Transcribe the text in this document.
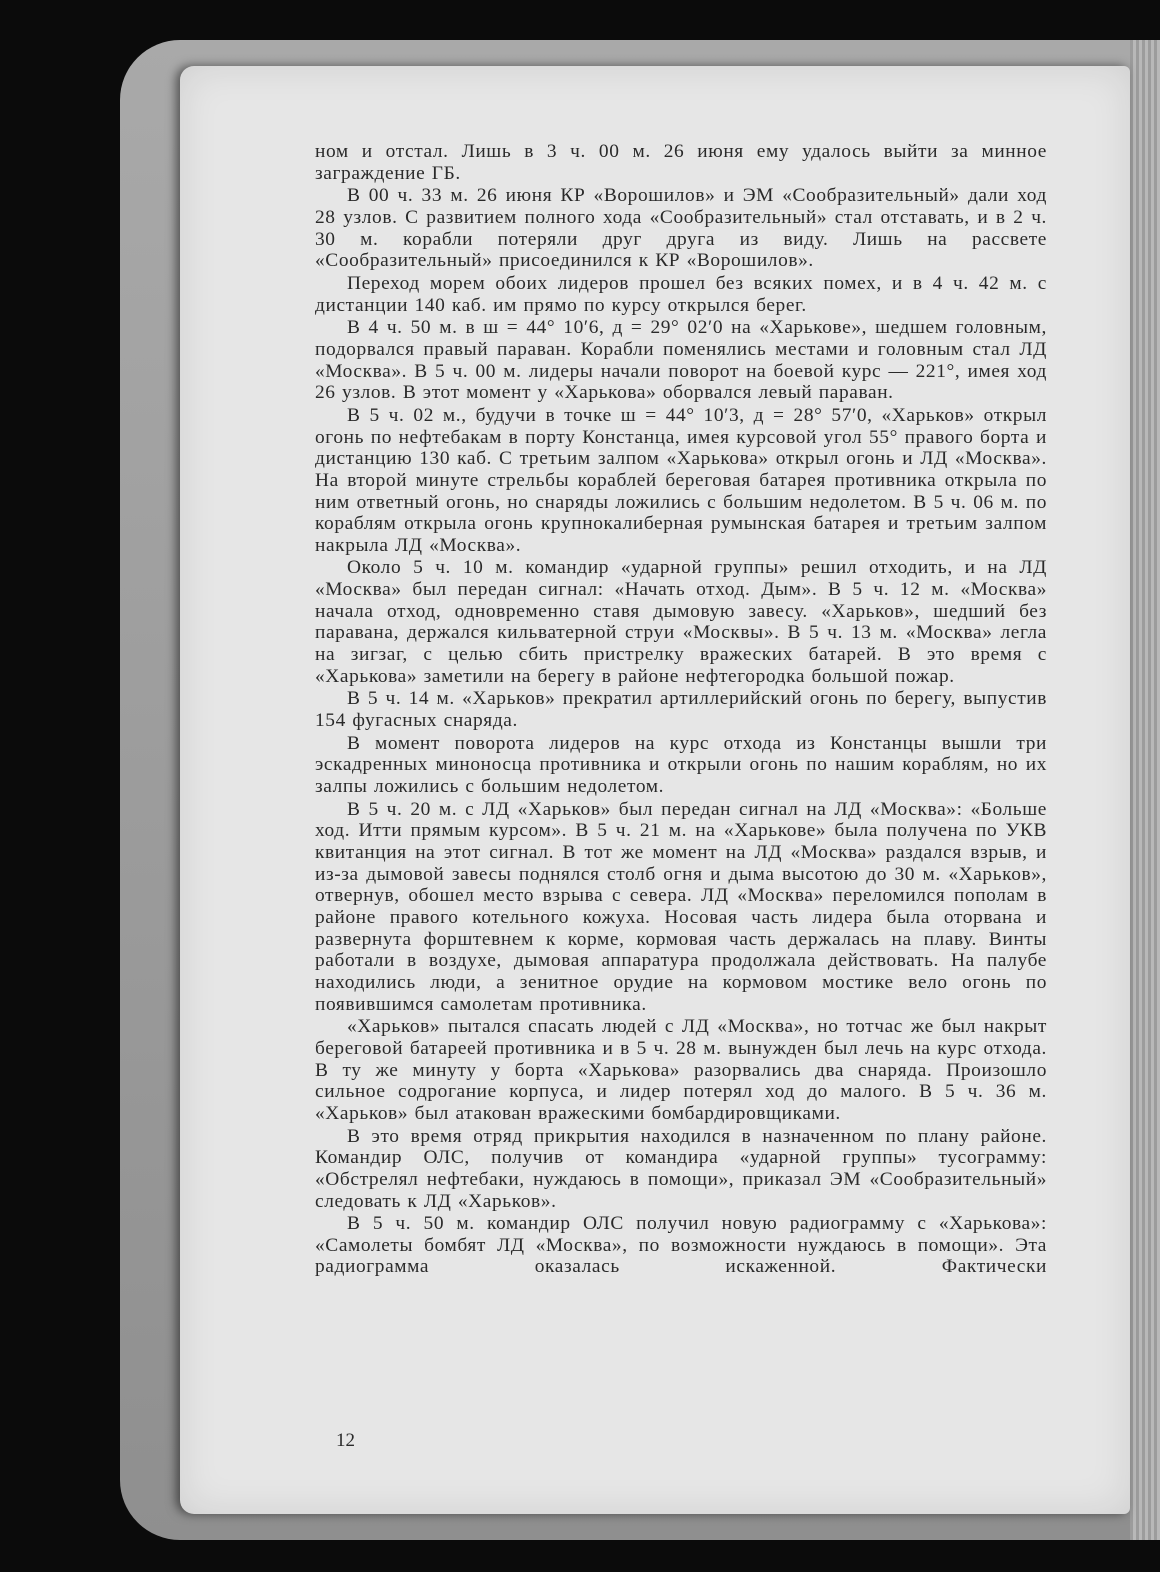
ном и отстал. Лишь в 3 ч. 00 м. 26 июня ему удалось выйти за минное заграждение ГБ.

В 00 ч. 33 м. 26 июня КР «Ворошилов» и ЭМ «Сообразительный» дали ход 28 узлов. С развитием полного хода «Сообразительный» стал отставать, и в 2 ч. 30 м. корабли потеряли друг друга из виду. Лишь на рассвете «Сообразительный» присоединился к КР «Ворошилов».

Переход морем обоих лидеров прошел без всяких помех, и в 4 ч. 42 м. с дистанции 140 каб. им прямо по курсу открылся берег.

В 4 ч. 50 м. в ш = 44° 10′6, д = 29° 02′0 на «Харькове», шедшем головным, подорвался правый параван. Корабли поменялись местами и головным стал ЛД «Москва». В 5 ч. 00 м. лидеры начали поворот на боевой курс — 221°, имея ход 26 узлов. В этот момент у «Харькова» оборвался левый параван.

В 5 ч. 02 м., будучи в точке ш = 44° 10′3, д = 28° 57′0, «Харьков» открыл огонь по нефтебакам в порту Констанца, имея курсовой угол 55° правого борта и дистанцию 130 каб. С третьим залпом «Харькова» открыл огонь и ЛД «Москва». На второй минуте стрельбы кораблей береговая батарея противника открыла по ним ответный огонь, но снаряды ложились с большим недолетом. В 5 ч. 06 м. по кораблям открыла огонь крупнокалиберная румынская батарея и третьим залпом накрыла ЛД «Москва».

Около 5 ч. 10 м. командир «ударной группы» решил отходить, и на ЛД «Москва» был передан сигнал: «Начать отход. Дым». В 5 ч. 12 м. «Москва» начала отход, одновременно ставя дымовую завесу. «Харьков», шедший без паравана, держался кильватерной струи «Москвы». В 5 ч. 13 м. «Москва» легла на зигзаг, с целью сбить пристрелку вражеских батарей. В это время с «Харькова» заметили на берегу в районе нефтегородка большой пожар.

В 5 ч. 14 м. «Харьков» прекратил артиллерийский огонь по берегу, выпустив 154 фугасных снаряда.

В момент поворота лидеров на курс отхода из Констанцы вышли три эскадренных миноносца противника и открыли огонь по нашим кораблям, но их залпы ложились с большим недолетом.

В 5 ч. 20 м. с ЛД «Харьков» был передан сигнал на ЛД «Москва»: «Больше ход. Итти прямым курсом». В 5 ч. 21 м. на «Харькове» была получена по УКВ квитанция на этот сигнал. В тот же момент на ЛД «Москва» раздался взрыв, и из-за дымовой завесы поднялся столб огня и дыма высотою до 30 м. «Харьков», отвернув, обошел место взрыва с севера. ЛД «Москва» переломился пополам в районе правого котельного кожуха. Носовая часть лидера была оторвана и развернута форштевнем к корме, кормовая часть держалась на плаву. Винты работали в воздухе, дымовая аппаратура продолжала действовать. На палубе находились люди, а зенитное орудие на кормовом мостике вело огонь по появившимся самолетам противника.

«Харьков» пытался спасать людей с ЛД «Москва», но тотчас же был накрыт береговой батареей противника и в 5 ч. 28 м. вынужден был лечь на курс отхода. В ту же минуту у борта «Харькова» разорвались два снаряда. Произошло сильное содрогание корпуса, и лидер потерял ход до малого. В 5 ч. 36 м. «Харьков» был атакован вражескими бомбардировщиками.

В это время отряд прикрытия находился в назначенном по плану районе. Командир ОЛС, получив от командира «ударной группы» тусограмму: «Обстрелял нефтебаки, нуждаюсь в помощи», приказал ЭМ «Сообразительный» следовать к ЛД «Харьков».

В 5 ч. 50 м. командир ОЛС получил новую радиограмму с «Харькова»: «Самолеты бомбят ЛД «Москва», по возможности нуждаюсь в помощи». Эта радиограмма оказалась искаженной. Фактически

12
